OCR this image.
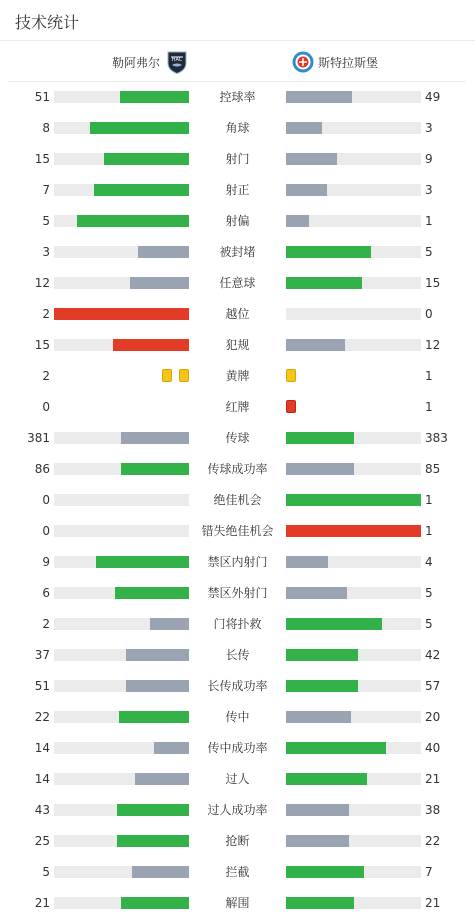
技术统计
勒阿弗尔 HAC	斯特拉斯堡
51	控球率	49
8	角球	3
15	射门	9
7	射正	3
5	射偏	1
3	被封堵	5
12	任意球	15
2	越位	0
15	犯规	12
2	黄牌	1
0	红牌	1
381	传球	383
86	传球成功率	85
0	绝佳机会	1
0	错失绝佳机会	1
9	禁区内射门	4
6	禁区外射门	5
2	门将扑救	5
37	长传	42
51	长传成功率	57
22	传中	20
14	传中成功率	40
14	过人	21
43	过人成功率	38
25	抢断	22
5	拦截	7
21	解围	21
